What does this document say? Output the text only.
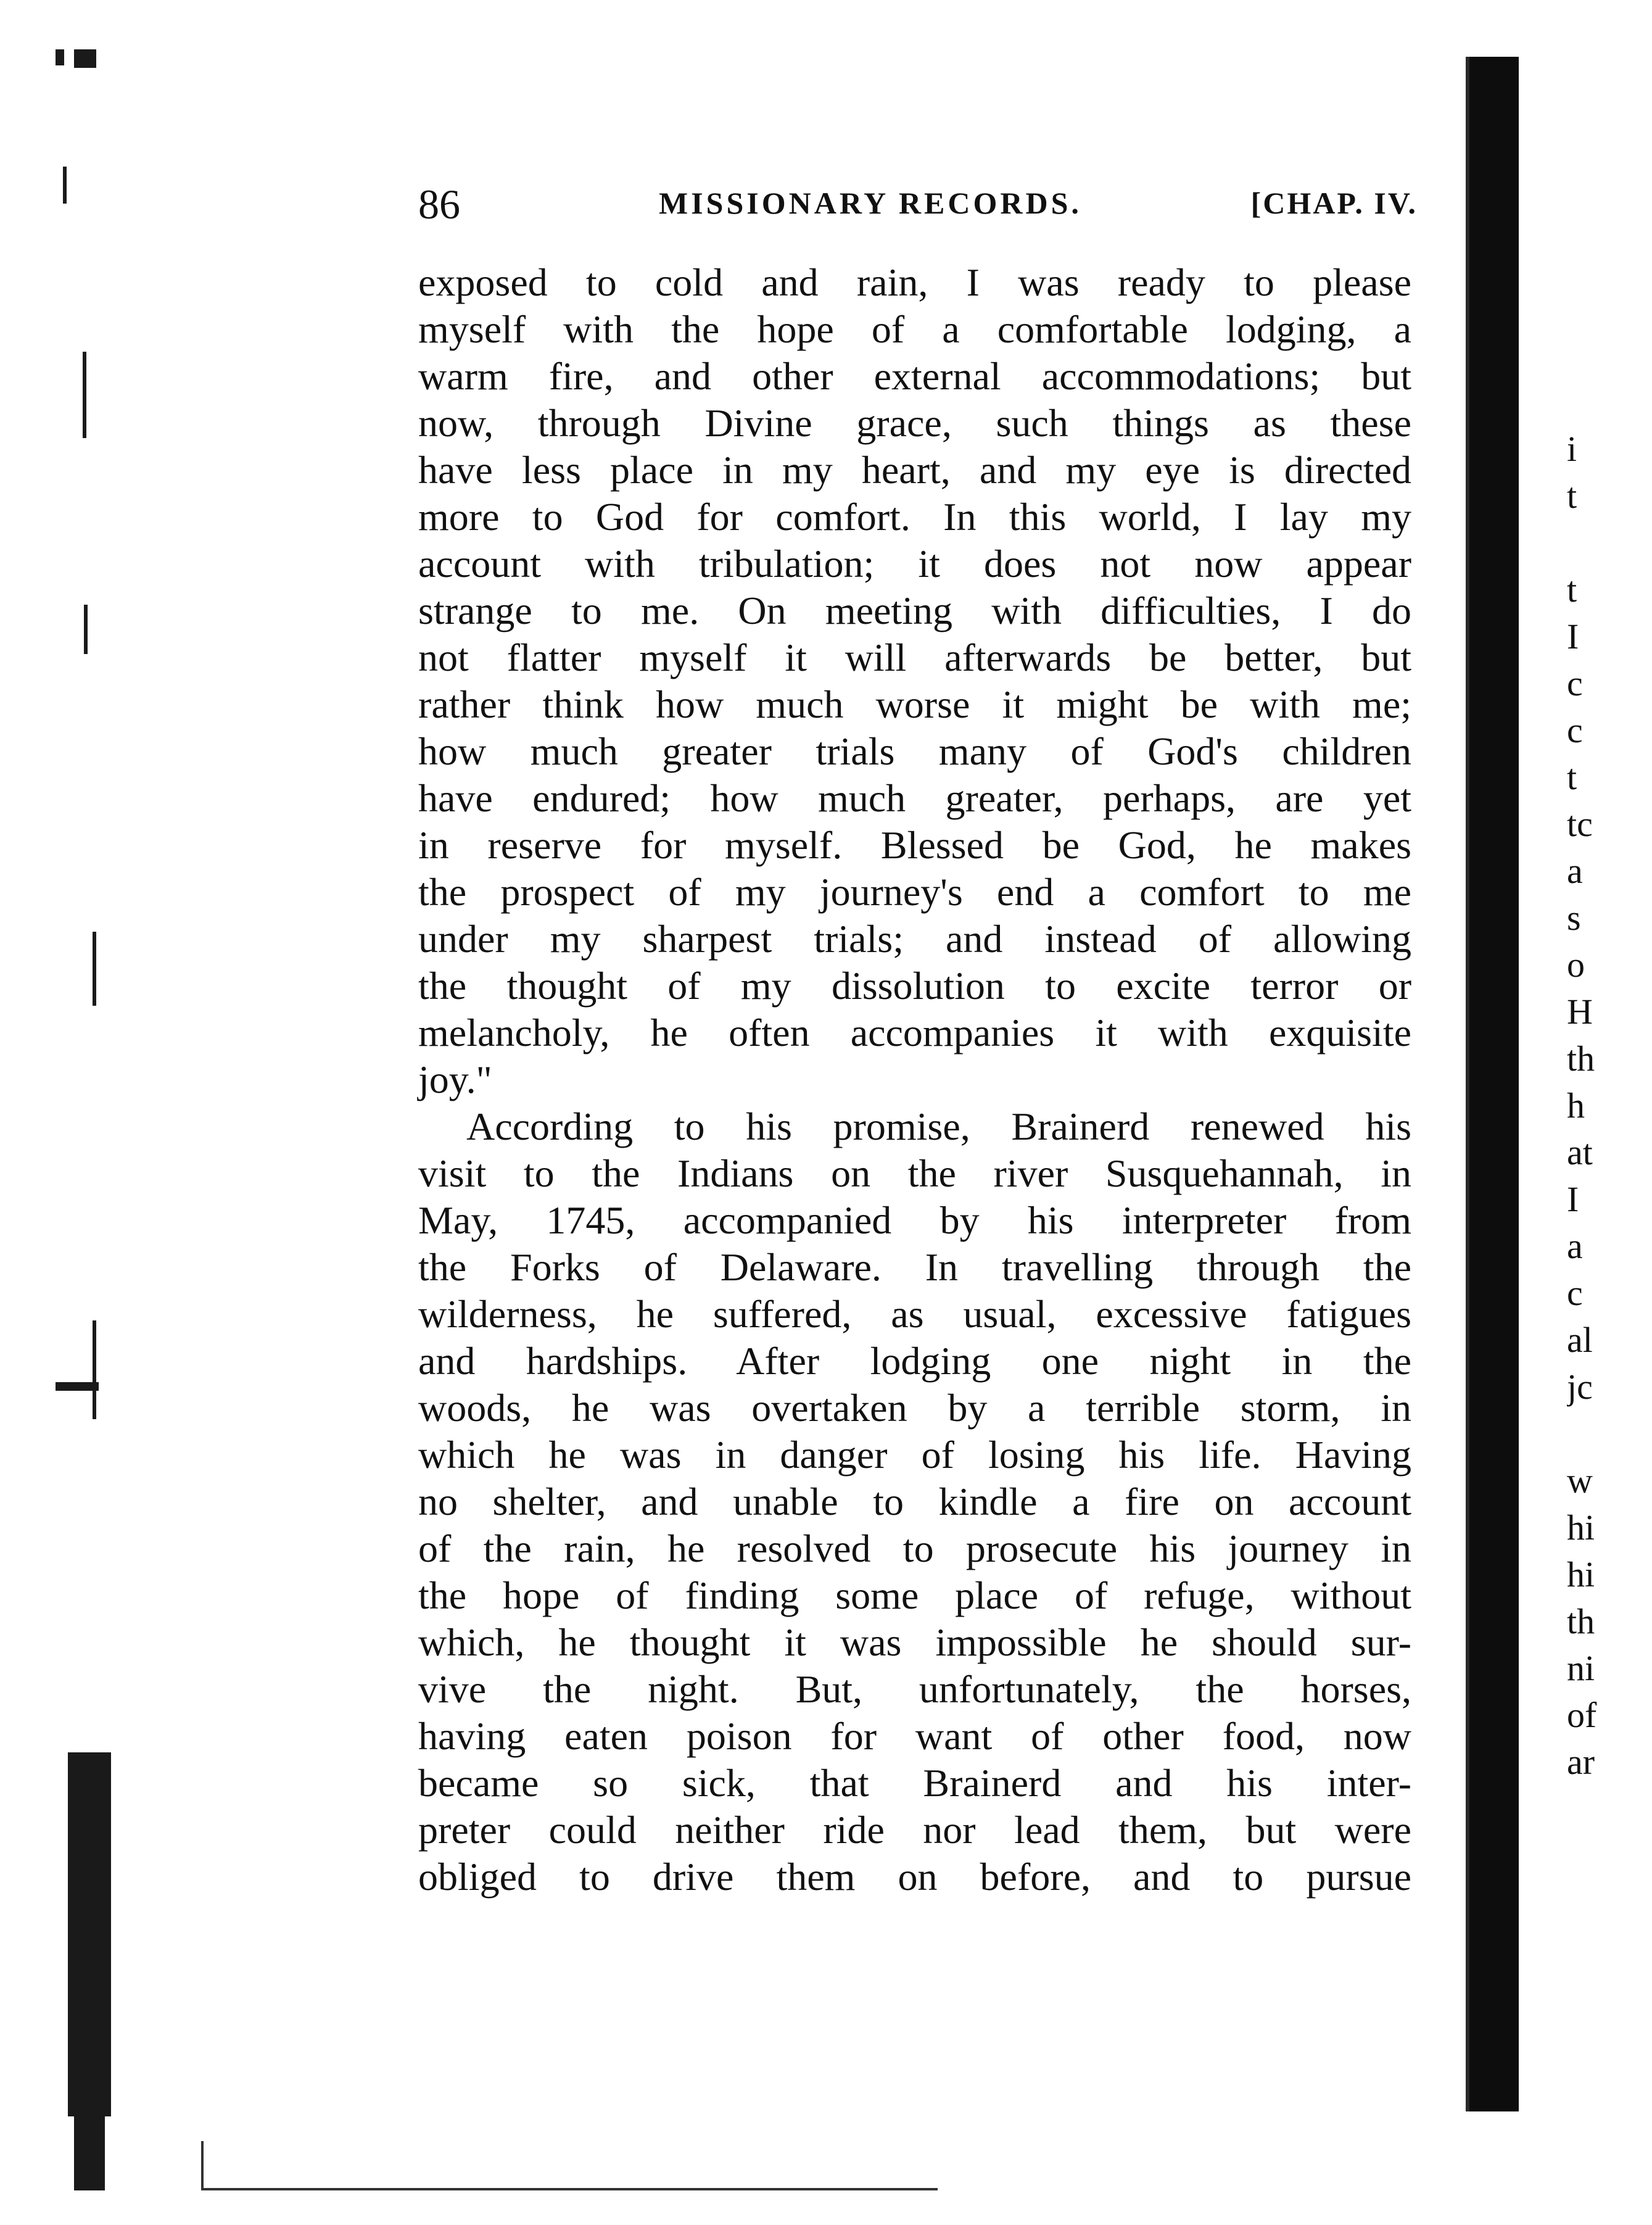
86	MISSIONARY RECORDS.	[CHAP. IV.
exposed to cold and rain, I was ready to please
myself with the hope of a comfortable lodging, a
warm fire, and other external accommodations; but
now, through Divine grace, such things as these
have less place in my heart, and my eye is directed
more to God for comfort. In this world, I lay my
account with tribulation; it does not now appear
strange to me. On meeting with difficulties, I do
not flatter myself it will afterwards be better, but
rather think how much worse it might be with me;
how much greater trials many of God's children
have endured; how much greater, perhaps, are yet
in reserve for myself. Blessed be God, he makes
the prospect of my journey's end a comfort to me
under my sharpest trials; and instead of allowing
the thought of my dissolution to excite terror or
melancholy, he often accompanies it with exquisite
joy."
According to his promise, Brainerd renewed his
visit to the Indians on the river Susquehannah, in
May, 1745, accompanied by his interpreter from
the Forks of Delaware. In travelling through the
wilderness, he suffered, as usual, excessive fatigues
and hardships. After lodging one night in the
woods, he was overtaken by a terrible storm, in
which he was in danger of losing his life. Having
no shelter, and unable to kindle a fire on account
of the rain, he resolved to prosecute his journey in
the hope of finding some place of refuge, without
which, he thought it was impossible he should sur-
vive the night. But, unfortunately, the horses,
having eaten poison for want of other food, now
became so sick, that Brainerd and his inter-
preter could neither ride nor lead them, but were
obliged to drive them on before, and to pursue
i
t
t
I
c
c
t
tc
a
s
o
H
th
h
at
I
a
c
al
jc
w
hi
hi
th
ni
of
ar
